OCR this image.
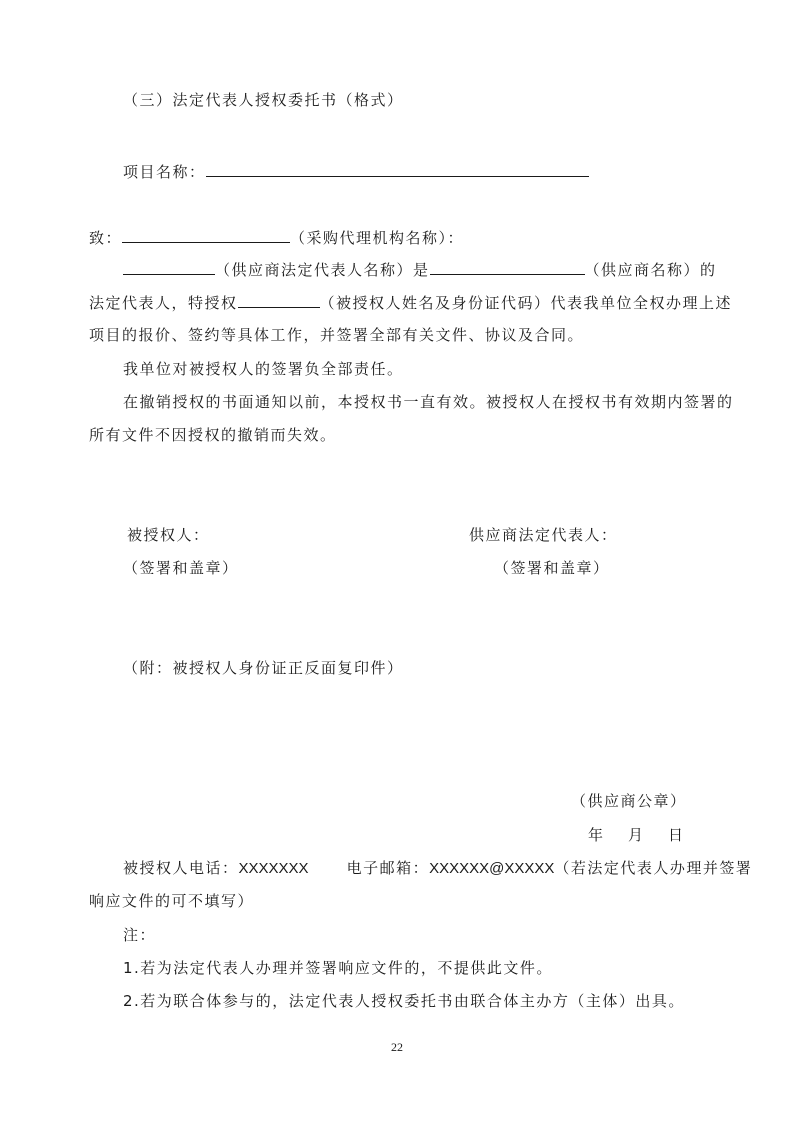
（三）法定代表人授权委托书（格式）
项目名称：
致：	（采购代理机构名称）：
（供应商法定代表人名称）是	（供应商名称）的
法定代表人，特授权	（被授权人姓名及身份证代码）代表我单位全权办理上述
项目的报价、签约等具体工作，并签署全部有关文件、协议及合同。
我单位对被授权人的签署负全部责任。
在撤销授权的书面通知以前，本授权书一直有效。被授权人在授权书有效期内签署的
所有文件不因授权的撤销而失效。
被授权人：
（签署和盖章）
供应商法定代表人：
（签署和盖章）
（附：被授权人身份证正反面复印件）
（供应商公章）
年 月 日
被授权人电话：XXXXXXX	电子邮箱：XXXXXX@XXXXX（若法定代表人办理并签署
响应文件的可不填写）
注：
1.若为法定代表人办理并签署响应文件的，不提供此文件。
2.若为联合体参与的，法定代表人授权委托书由联合体主办方（主体）出具。
22
